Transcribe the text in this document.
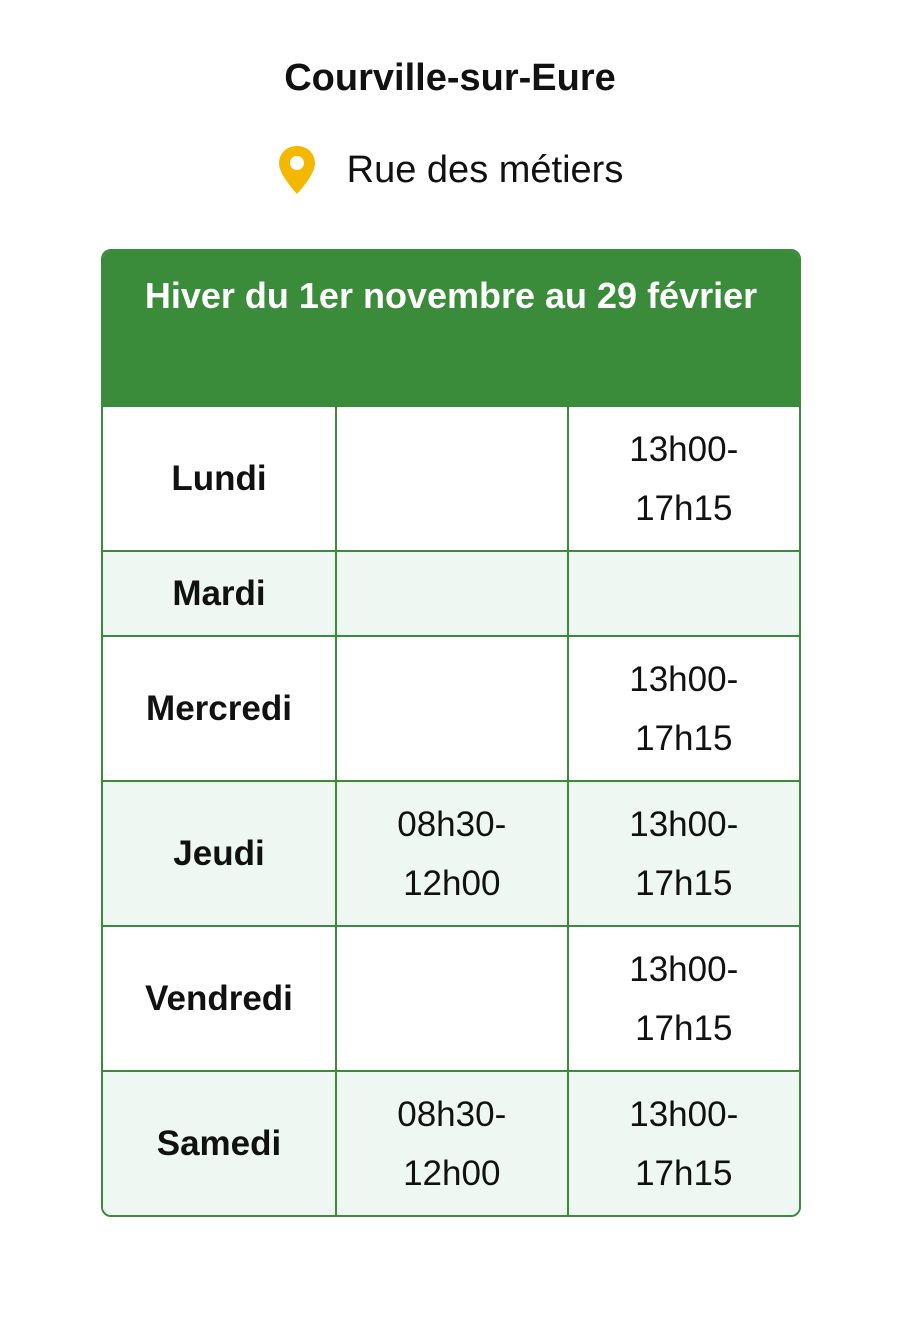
Courville-sur-Eure
Rue des métiers
Hiver du 1er novembre au 29 février
Lundi		13h00-17h15
Mardi		
Mercredi		13h00-17h15
Jeudi	08h30-12h00	13h00-17h15
Vendredi		13h00-17h15
Samedi	08h30-12h00	13h00-17h15
